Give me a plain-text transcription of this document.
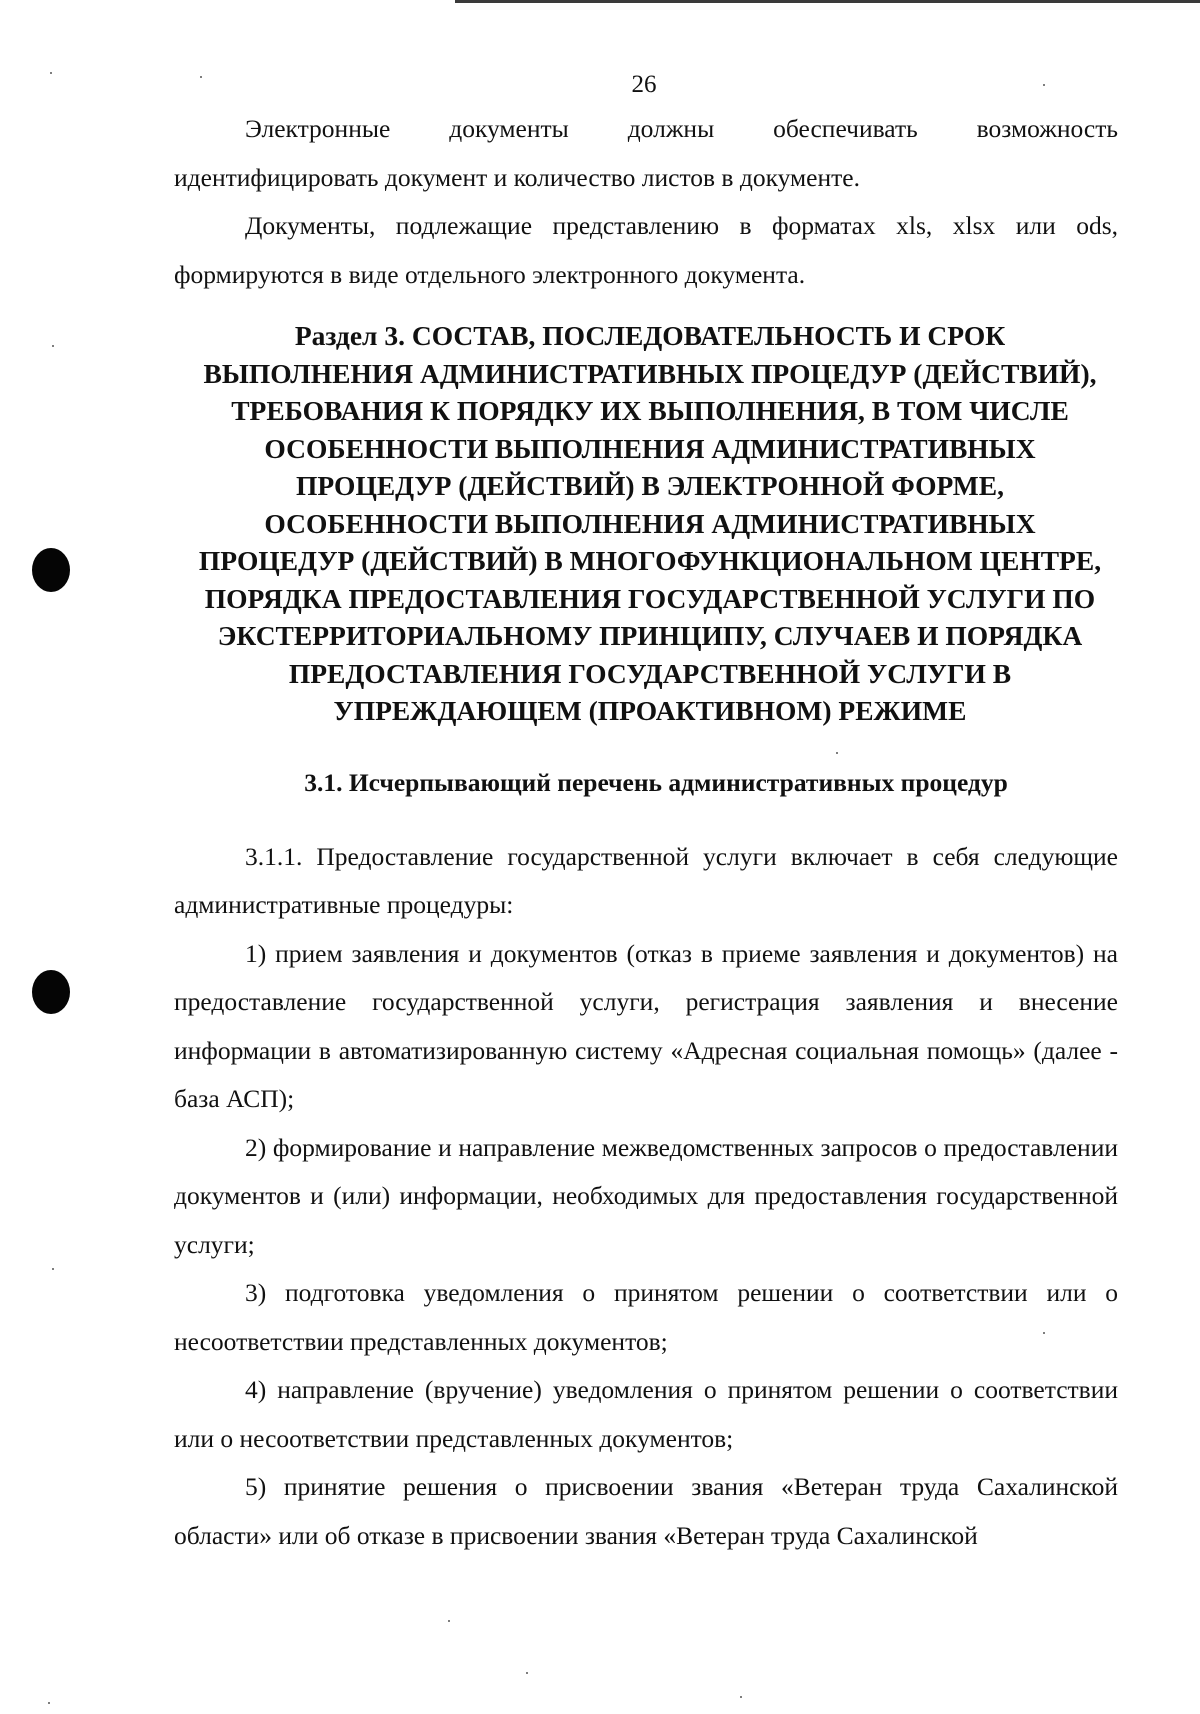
26

Электронные документы должны обеспечивать возможность идентифицировать документ и количество листов в документе.

Документы, подлежащие представлению в форматах xls, xlsx или ods, формируются в виде отдельного электронного документа.

Раздел 3. СОСТАВ, ПОСЛЕДОВАТЕЛЬНОСТЬ И СРОК
ВЫПОЛНЕНИЯ АДМИНИСТРАТИВНЫХ ПРОЦЕДУР (ДЕЙСТВИЙ),
ТРЕБОВАНИЯ К ПОРЯДКУ ИХ ВЫПОЛНЕНИЯ, В ТОМ ЧИСЛЕ
ОСОБЕННОСТИ ВЫПОЛНЕНИЯ АДМИНИСТРАТИВНЫХ
ПРОЦЕДУР (ДЕЙСТВИЙ) В ЭЛЕКТРОННОЙ ФОРМЕ,
ОСОБЕННОСТИ ВЫПОЛНЕНИЯ АДМИНИСТРАТИВНЫХ
ПРОЦЕДУР (ДЕЙСТВИЙ) В МНОГОФУНКЦИОНАЛЬНОМ ЦЕНТРЕ,
ПОРЯДКА ПРЕДОСТАВЛЕНИЯ ГОСУДАРСТВЕННОЙ УСЛУГИ ПО
ЭКСТЕРРИТОРИАЛЬНОМУ ПРИНЦИПУ, СЛУЧАЕВ И ПОРЯДКА
ПРЕДОСТАВЛЕНИЯ ГОСУДАРСТВЕННОЙ УСЛУГИ В
УПРЕЖДАЮЩЕМ (ПРОАКТИВНОМ) РЕЖИМЕ
3.1. Исчерпывающий перечень административных процедур

3.1.1. Предоставление государственной услуги включает в себя следующие административные процедуры:

1) прием заявления и документов (отказ в приеме заявления и документов) на предоставление государственной услуги, регистрация заявления и внесение информации в автоматизированную систему «Адресная социальная помощь» (далее - база АСП);

2) формирование и направление межведомственных запросов о предоставлении документов и (или) информации, необходимых для предоставления государственной услуги;

3) подготовка уведомления о принятом решении о соответствии или о несоответствии представленных документов;

4) направление (вручение) уведомления о принятом решении о соответствии или о несоответствии представленных документов;

5) принятие решения о присвоении звания «Ветеран труда Сахалинской области» или об отказе в присвоении звания «Ветеран труда Сахалинской
